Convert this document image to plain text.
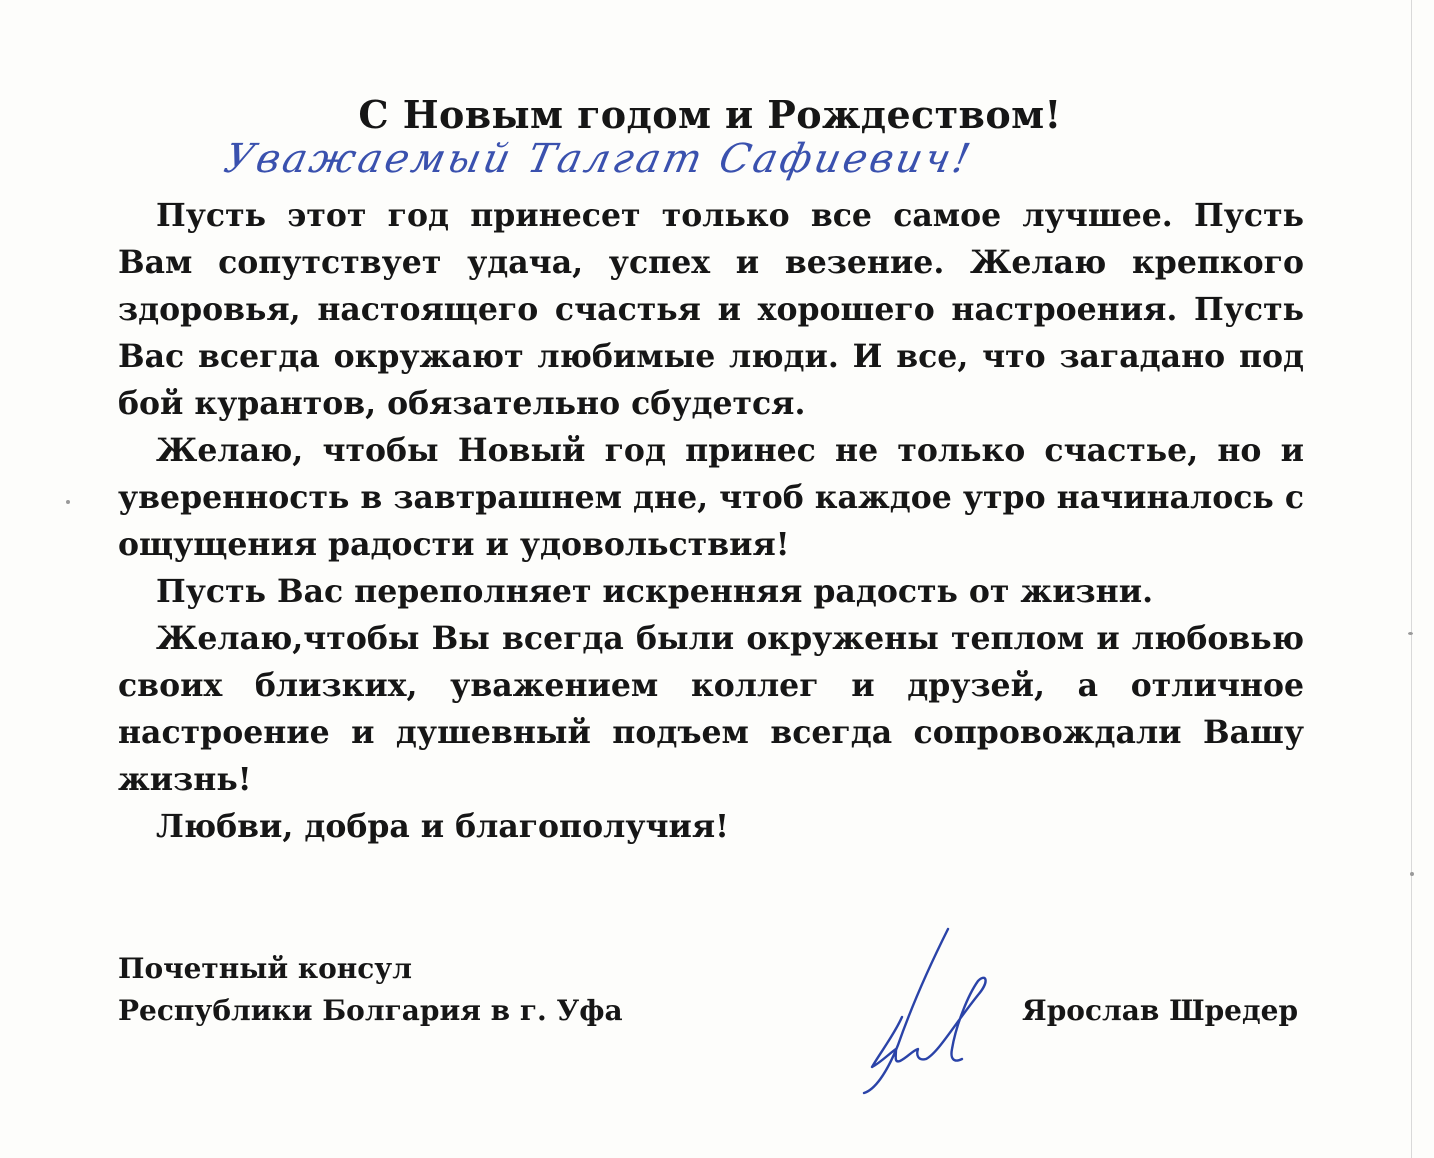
С Новым годом и Рождеством!
Уважаемый Талгат Сафиевич!

Пусть этот год принесет только все самое лучшее. Пусть Вам сопутствует удача, успех и везение. Желаю крепкого здоровья, настоящего счастья и хорошего настроения. Пусть Вас всегда окружают любимые люди. И все, что загадано под бой курантов, обязательно сбудется.

Желаю, чтобы Новый год принес не только счастье, но и уверенность в завтрашнем дне, чтоб каждое утро начиналось с ощущения радости и удовольствия!

Пусть Вас переполняет искренняя радость от жизни.

Желаю,чтобы Вы всегда были окружены теплом и любовью своих близких, уважением коллег и друзей, а отличное настроение и душевный подъем всегда сопровождали Вашу жизнь!

Любви, добра и благополучия!

Почетный консул
Республики Болгария в г. Уфа	Ярослав Шредер
